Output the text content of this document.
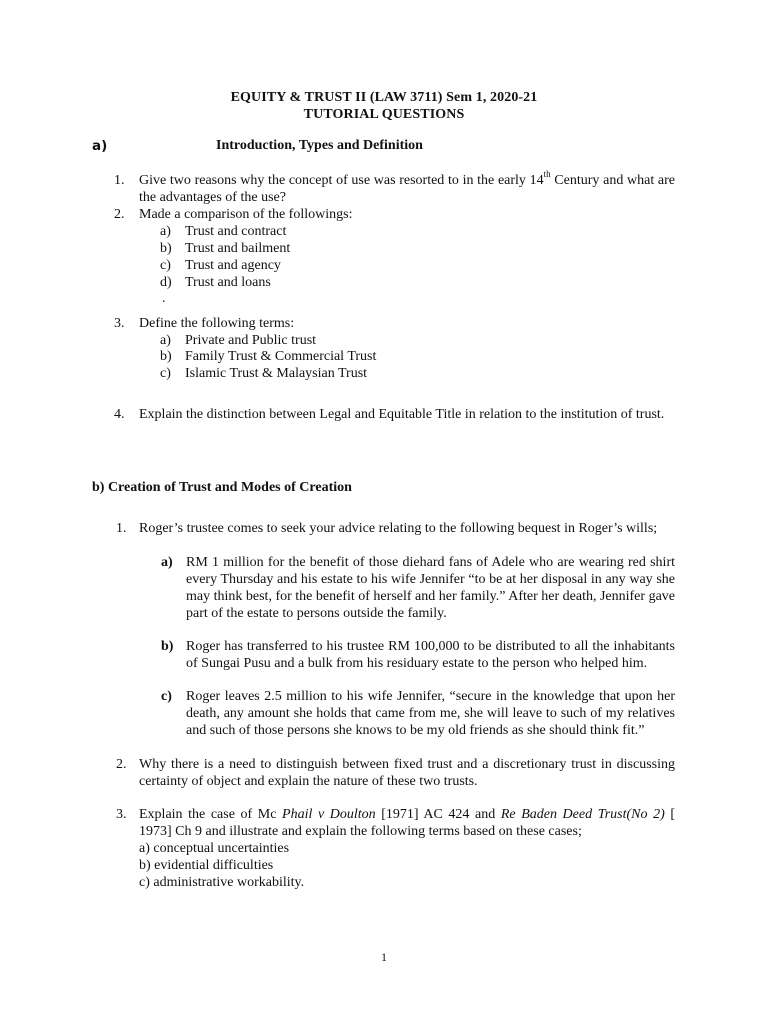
EQUITY & TRUST II (LAW 3711) Sem 1, 2020-21
TUTORIAL QUESTIONS
a)	Introduction, Types and Definition
1. Give two reasons why the concept of use was resorted to in the early 14th Century and what are the advantages of the use?
2. Made a comparison of the followings:
a) Trust and contract
b) Trust and bailment
c) Trust and agency
d) Trust and loans
.
3. Define the following terms:
a) Private and Public trust
b) Family Trust & Commercial Trust
c) Islamic Trust & Malaysian Trust
4. Explain the distinction between Legal and Equitable Title in relation to the institution of trust.
b) Creation of Trust and Modes of Creation
1. Roger’s trustee comes to seek your advice relating to the following bequest in Roger’s wills;
a) RM 1 million for the benefit of those diehard fans of Adele who are wearing red shirt every Thursday and his estate to his wife Jennifer “to be at her disposal in any way she may think best, for the benefit of herself and her family.” After her death, Jennifer gave part of the estate to persons outside the family.
b) Roger has transferred to his trustee RM 100,000 to be distributed to all the inhabitants of Sungai Pusu and a bulk from his residuary estate to the person who helped him.
c) Roger leaves 2.5 million to his wife Jennifer, “secure in the knowledge that upon her death, any amount she holds that came from me, she will leave to such of my relatives and such of those persons she knows to be my old friends as she should think fit.”
2. Why there is a need to distinguish between fixed trust and a discretionary trust in discussing certainty of object and explain the nature of these two trusts.
3. Explain the case of Mc Phail v Doulton [1971] AC 424 and Re Baden Deed Trust(No 2) [ 1973] Ch 9 and illustrate and explain the following terms based on these cases;
a) conceptual uncertainties
b) evidential difficulties
c) administrative workability.
1
